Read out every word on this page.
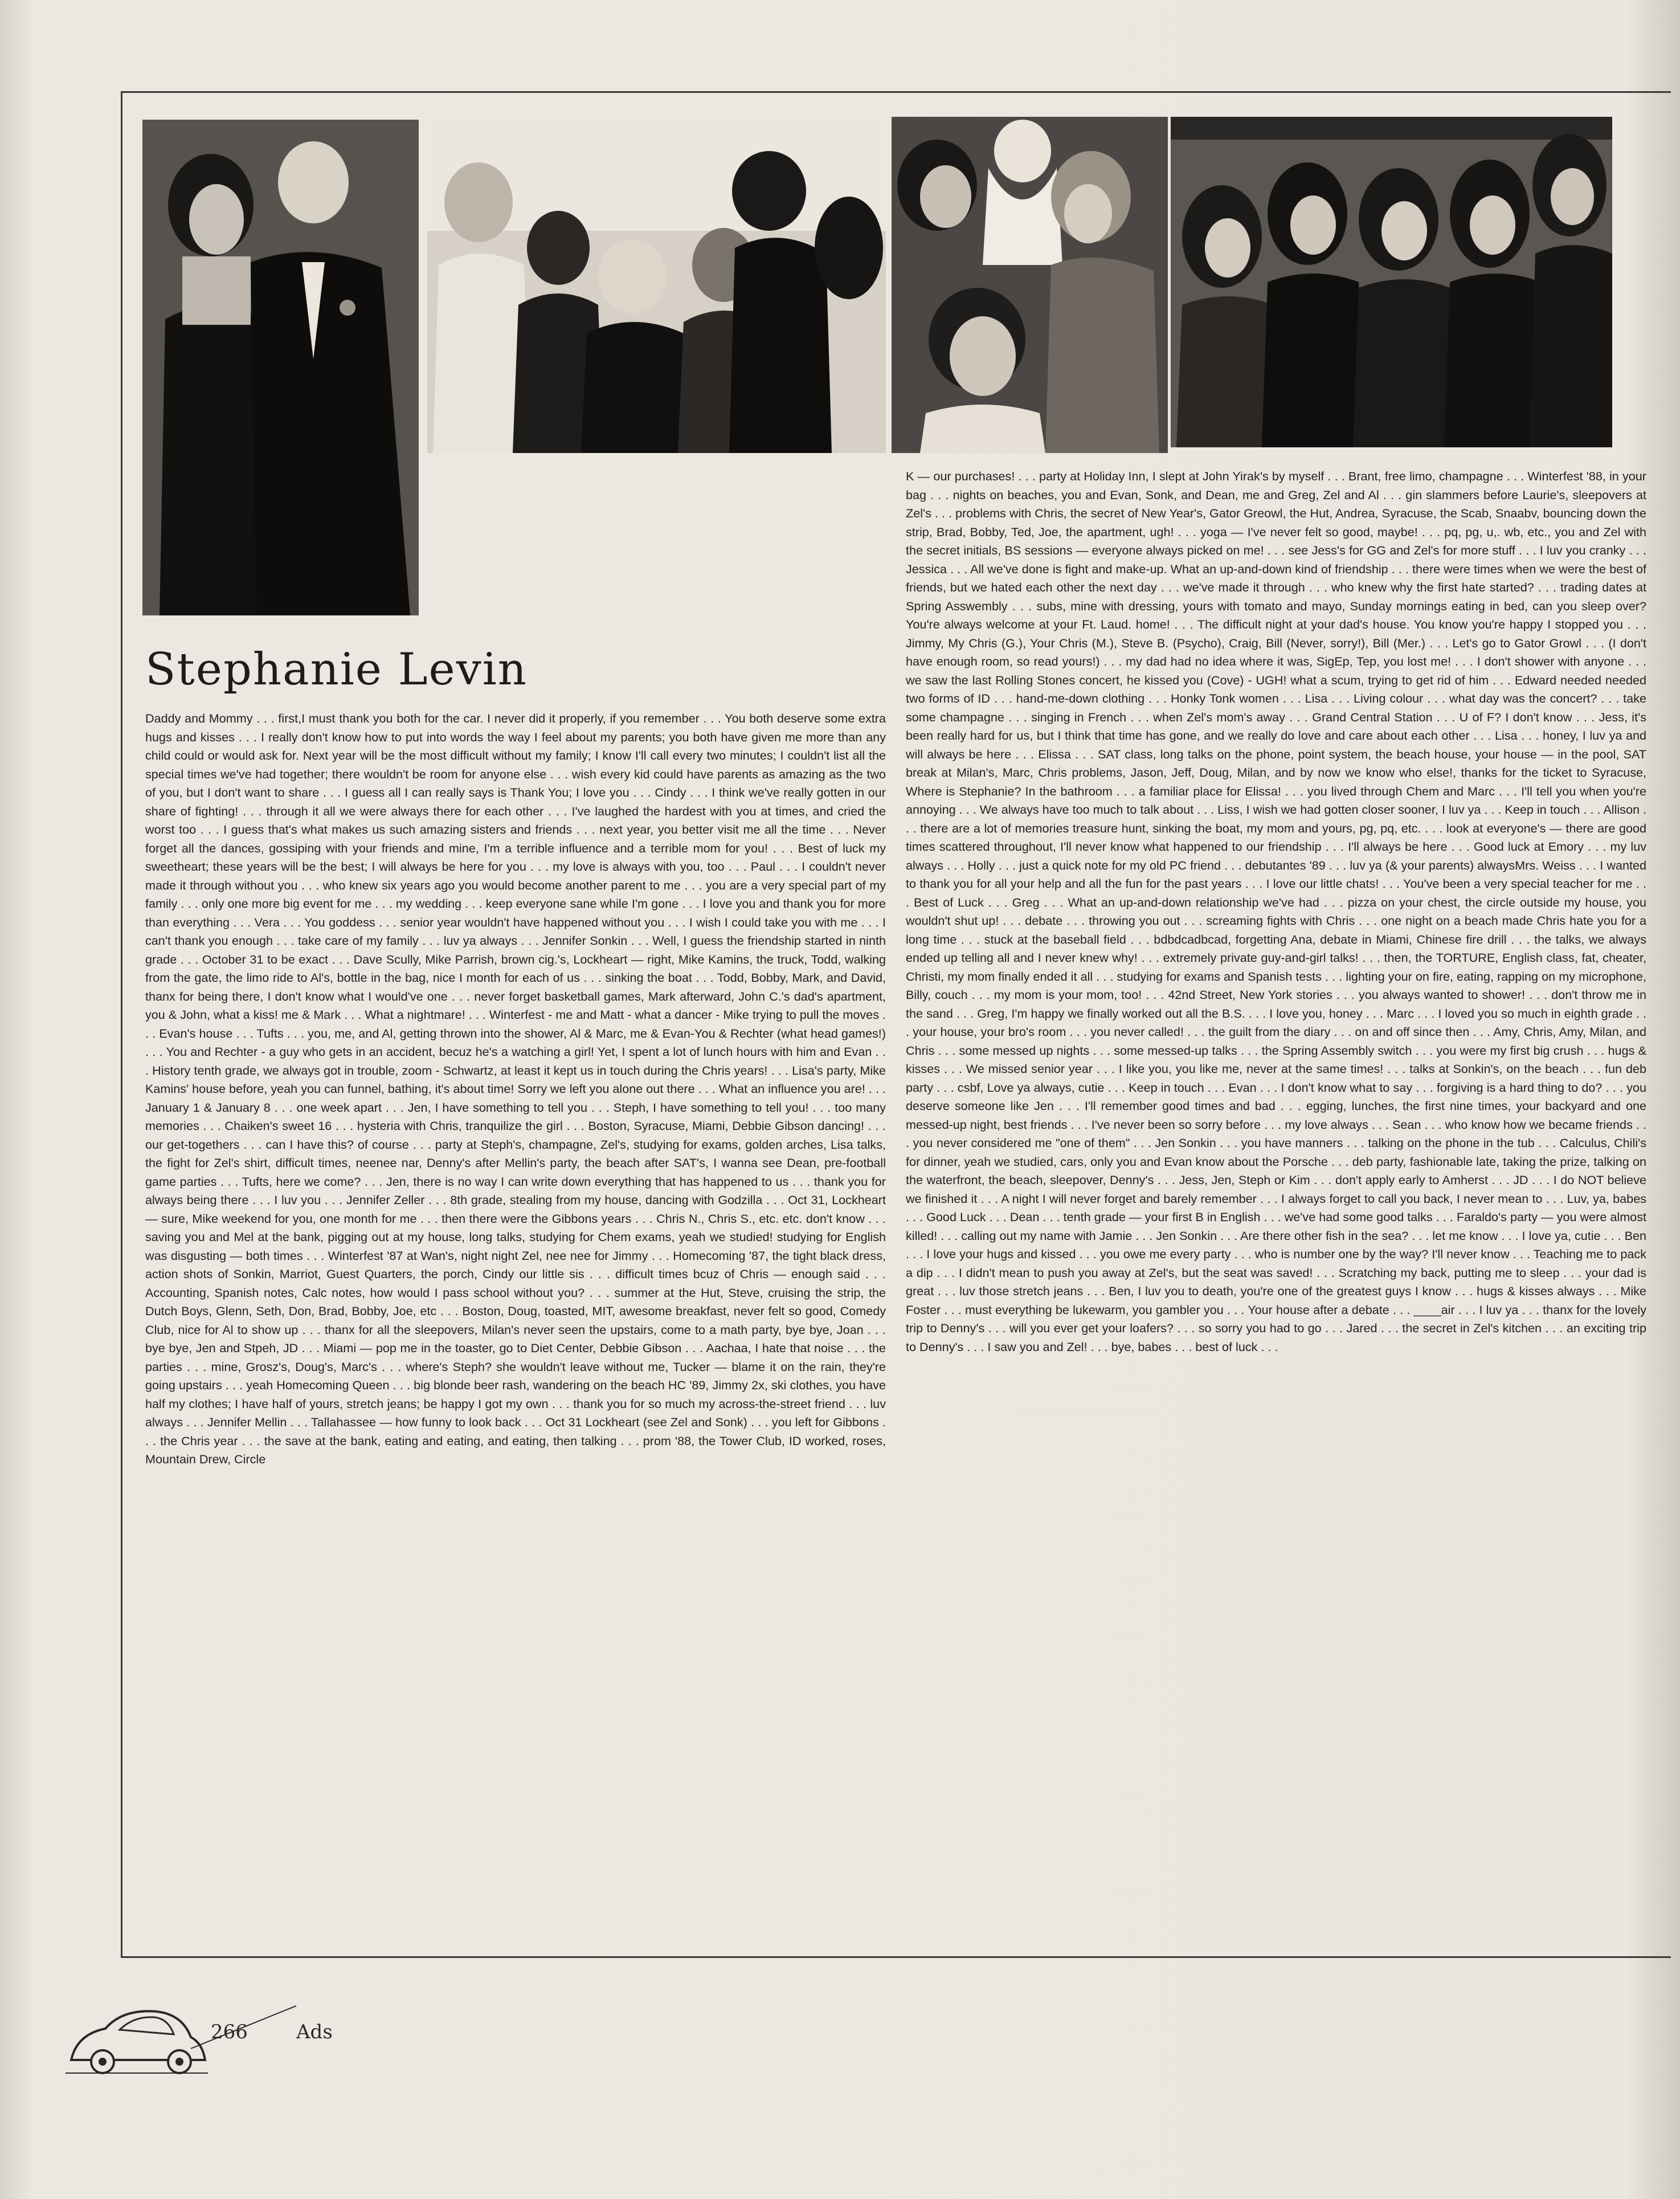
Stephanie Levin

Daddy and Mommy . . . first,I must thank you both for the car. I never did it properly, if you remember . . . You both deserve some extra hugs and kisses . . . I really don't know how to put into words the way I feel about my parents; you both have given me more than any child could or would ask for. Next year will be the most difficult without my family; I know I'll call every two minutes; I couldn't list all the special times we've had together; there wouldn't be room for anyone else . . . wish every kid could have parents as amazing as the two of you, but I don't want to share . . . I guess all I can really says is Thank You; I love you . . . Cindy . . . I think we've really gotten in our share of fighting! . . . through it all we were always there for each other . . . I've laughed the hardest with you at times, and cried the worst too . . . I guess that's what makes us such amazing sisters and friends . . . next year, you better visit me all the time . . . Never forget all the dances, gossiping with your friends and mine, I'm a terrible influence and a terrible mom for you! . . . Best of luck my sweetheart; these years will be the best; I will always be here for you . . . my love is always with you, too . . . Paul . . . I couldn't never made it through without you . . . who knew six years ago you would become another parent to me . . . you are a very special part of my family . . . only one more big event for me . . . my wedding . . . keep everyone sane while I'm gone . . . I love you and thank you for more than everything . . . Vera . . . You goddess . . . senior year wouldn't have happened without you . . . I wish I could take you with me . . . I can't thank you enough . . . take care of my family . . . luv ya always . . . Jennifer Sonkin . . . Well, I guess the friendship started in ninth grade . . . October 31 to be exact . . . Dave Scully, Mike Parrish, brown cig.'s, Lockheart — right, Mike Kamins, the truck, Todd, walking from the gate, the limo ride to Al's, bottle in the bag, nice I month for each of us . . . sinking the boat . . . Todd, Bobby, Mark, and David, thanx for being there, I don't know what I would've one . . . never forget basketball games, Mark afterward, John C.'s dad's apartment, you & John, what a kiss! me & Mark . . . What a nightmare! . . . Winterfest - me and Matt - what a dancer - Mike trying to pull the moves . . . Evan's house . . . Tufts . . . you, me, and Al, getting thrown into the shower, Al & Marc, me & Evan-You & Rechter (what head games!) . . . You and Rechter - a guy who gets in an accident, becuz he's a watching a girl! Yet, I spent a lot of lunch hours with him and Evan . . . History tenth grade, we always got in trouble, zoom - Schwartz, at least it kept us in touch during the Chris years! . . . Lisa's party, Mike Kamins' house before, yeah you can funnel, bathing, it's about time! Sorry we left you alone out there . . . What an influence you are! . . . January 1 & January 8 . . . one week apart . . . Jen, I have something to tell you . . . Steph, I have something to tell you! . . . too many memories . . . Chaiken's sweet 16 . . . hysteria with Chris, tranquilize the girl . . . Boston, Syracuse, Miami, Debbie Gibson dancing! . . . our get-togethers . . . can I have this? of course . . . party at Steph's, champagne, Zel's, studying for exams, golden arches, Lisa talks, the fight for Zel's shirt, difficult times, neenee nar, Denny's after Mellin's party, the beach after SAT's, I wanna see Dean, pre-football game parties . . . Tufts, here we come? . . . Jen, there is no way I can write down everything that has happened to us . . . thank you for always being there . . . I luv you . . . Jennifer Zeller . . . 8th grade, stealing from my house, dancing with Godzilla . . . Oct 31, Lockheart — sure, Mike weekend for you, one month for me . . . then there were the Gibbons years . . . Chris N., Chris S., etc. etc. don't know . . . saving you and Mel at the bank, pigging out at my house, long talks, studying for Chem exams, yeah we studied! studying for English was disgusting — both times . . . Winterfest '87 at Wan's, night night Zel, nee nee for Jimmy . . . Homecoming '87, the tight black dress, action shots of Sonkin, Marriot, Guest Quarters, the porch, Cindy our little sis . . . difficult times bcuz of Chris — enough said . . . Accounting, Spanish notes, Calc notes, how would I pass school without you? . . . summer at the Hut, Steve, cruising the strip, the Dutch Boys, Glenn, Seth, Don, Brad, Bobby, Joe, etc . . . Boston, Doug, toasted, MIT, awesome breakfast, never felt so good, Comedy Club, nice for Al to show up . . . thanx for all the sleepovers, Milan's never seen the upstairs, come to a math party, bye bye, Joan . . . bye bye, Jen and Stpeh, JD . . . Miami — pop me in the toaster, go to Diet Center, Debbie Gibson . . . Aachaa, I hate that noise . . . the parties . . . mine, Grosz's, Doug's, Marc's . . . where's Steph? she wouldn't leave without me, Tucker — blame it on the rain, they're going upstairs . . . yeah Homecoming Queen . . . big blonde beer rash, wandering on the beach HC '89, Jimmy 2x, ski clothes, you have half my clothes; I have half of yours, stretch jeans; be happy I got my own . . . thank you for so much my across-the-street friend . . . luv always . . . Jennifer Mellin . . . Tallahassee — how funny to look back . . . Oct 31 Lockheart (see Zel and Sonk) . . . you left for Gibbons . . . the Chris year . . . the save at the bank, eating and eating, and eating, then talking . . . prom '88, the Tower Club, ID worked, roses, Mountain Drew, Circle

K — our purchases! . . . party at Holiday Inn, I slept at John Yirak's by myself . . . Brant, free limo, champagne . . . Winterfest '88, in your bag . . . nights on beaches, you and Evan, Sonk, and Dean, me and Greg, Zel and Al . . . gin slammers before Laurie's, sleepovers at Zel's . . . problems with Chris, the secret of New Year's, Gator Greowl, the Hut, Andrea, Syracuse, the Scab, Snaabv, bouncing down the strip, Brad, Bobby, Ted, Joe, the apartment, ugh! . . . yoga — I've never felt so good, maybe! . . . pq, pg, u,. wb, etc., you and Zel with the secret initials, BS sessions — everyone always picked on me! . . . see Jess's for GG and Zel's for more stuff . . . I luv you cranky . . . Jessica . . . All we've done is fight and make-up. What an up-and-down kind of friendship . . . there were times when we were the best of friends, but we hated each other the next day . . . we've made it through . . . who knew why the first hate started? . . . trading dates at Spring Asswembly . . . subs, mine with dressing, yours with tomato and mayo, Sunday mornings eating in bed, can you sleep over? You're always welcome at your Ft. Laud. home! . . . The difficult night at your dad's house. You know you're happy I stopped you . . . Jimmy, My Chris (G.), Your Chris (M.), Steve B. (Psycho), Craig, Bill (Never, sorry!), Bill (Mer.) . . . Let's go to Gator Growl . . . (I don't have enough room, so read yours!) . . . my dad had no idea where it was, SigEp, Tep, you lost me! . . . I don't shower with anyone . . . we saw the last Rolling Stones concert, he kissed you (Cove) - UGH! what a scum, trying to get rid of him . . . Edward needed needed two forms of ID . . . hand-me-down clothing . . . Honky Tonk women . . . Lisa . . . Living colour . . . what day was the concert? . . . take some champagne . . . singing in French . . . when Zel's mom's away . . . Grand Central Station . . . U of F? I don't know . . . Jess, it's been really hard for us, but I think that time has gone, and we really do love and care about each other . . . Lisa . . . honey, I luv ya and will always be here . . . Elissa . . . SAT class, long talks on the phone, point system, the beach house, your house — in the pool, SAT break at Milan's, Marc, Chris problems, Jason, Jeff, Doug, Milan, and by now we know who else!, thanks for the ticket to Syracuse, Where is Stephanie? In the bathroom . . . a familiar place for Elissa! . . . you lived through Chem and Marc . . . I'll tell you when you're annoying . . . We always have too much to talk about . . . Liss, I wish we had gotten closer sooner, I luv ya . . . Keep in touch . . . Allison . . . there are a lot of memories treasure hunt, sinking the boat, my mom and yours, pg, pq, etc. . . . look at everyone's — there are good times scattered throughout, I'll never know what happened to our friendship . . . I'll always be here . . . Good luck at Emory . . . my luv always . . . Holly . . . just a quick note for my old PC friend . . . debutantes '89 . . . luv ya (& your parents) alwaysMrs. Weiss . . . I wanted to thank you for all your help and all the fun for the past years . . . I love our little chats! . . . You've been a very special teacher for me . . . Best of Luck . . . Greg . . . What an up-and-down relationship we've had . . . pizza on your chest, the circle outside my house, you wouldn't shut up! . . . debate . . . throwing you out . . . screaming fights with Chris . . . one night on a beach made Chris hate you for a long time . . . stuck at the baseball field . . . bdbdcadbcad, forgetting Ana, debate in Miami, Chinese fire drill . . . the talks, we always ended up telling all and I never knew why! . . . extremely private guy-and-girl talks! . . . then, the TORTURE, English class, fat, cheater, Christi, my mom finally ended it all . . . studying for exams and Spanish tests . . . lighting your on fire, eating, rapping on my microphone, Billy, couch . . . my mom is your mom, too! . . . 42nd Street, New York stories . . . you always wanted to shower! . . . don't throw me in the sand . . . Greg, I'm happy we finally worked out all the B.S. . . . I love you, honey . . . Marc . . . I loved you so much in eighth grade . . . your house, your bro's room . . . you never called! . . . the guilt from the diary . . . on and off since then . . . Amy, Chris, Amy, Milan, and Chris . . . some messed up nights . . . some messed-up talks . . . the Spring Assembly switch . . . you were my first big crush . . . hugs & kisses . . . We missed senior year . . . I like you, you like me, never at the same times! . . . talks at Sonkin's, on the beach . . . fun deb party . . . csbf, Love ya always, cutie . . . Keep in touch . . . Evan . . . I don't know what to say . . . forgiving is a hard thing to do? . . . you deserve someone like Jen . . . I'll remember good times and bad . . . egging, lunches, the first nine times, your backyard and one messed-up night, best friends . . . I've never been so sorry before . . . my love always . . . Sean . . . who know how we became friends . . . you never considered me "one of them" . . . Jen Sonkin . . . you have manners . . . talking on the phone in the tub . . . Calculus, Chili's for dinner, yeah we studied, cars, only you and Evan know about the Porsche . . . deb party, fashionable late, taking the prize, talking on the waterfront, the beach, sleepover, Denny's . . . Jess, Jen, Steph or Kim . . . don't apply early to Amherst . . . JD . . . I do NOT believe we finished it . . . A night I will never forget and barely remember . . . I always forget to call you back, I never mean to . . . Luv, ya, babes . . . Good Luck . . . Dean . . . tenth grade — your first B in English . . . we've had some good talks . . . Faraldo's party — you were almost killed! . . . calling out my name with Jamie . . . Jen Sonkin . . . Are there other fish in the sea? . . . let me know . . . I love ya, cutie . . . Ben . . . I love your hugs and kissed . . . you owe me every party . . . who is number one by the way? I'll never know . . . Teaching me to pack a dip . . . I didn't mean to push you away at Zel's, but the seat was saved! . . . Scratching my back, putting me to sleep . . . your dad is great . . . luv those stretch jeans . . . Ben, I luv you to death, you're one of the greatest guys I know . . . hugs & kisses always . . . Mike Foster . . . must everything be lukewarm, you gambler you . . . Your house after a debate . . . ____air . . . I luv ya . . . thanx for the lovely trip to Denny's . . . will you ever get your loafers? . . . so sorry you had to go . . . Jared . . . the secret in Zel's kitchen . . . an exciting trip to Denny's . . . I saw you and Zel! . . . bye, babes . . . best of luck . . .

266	Ads
